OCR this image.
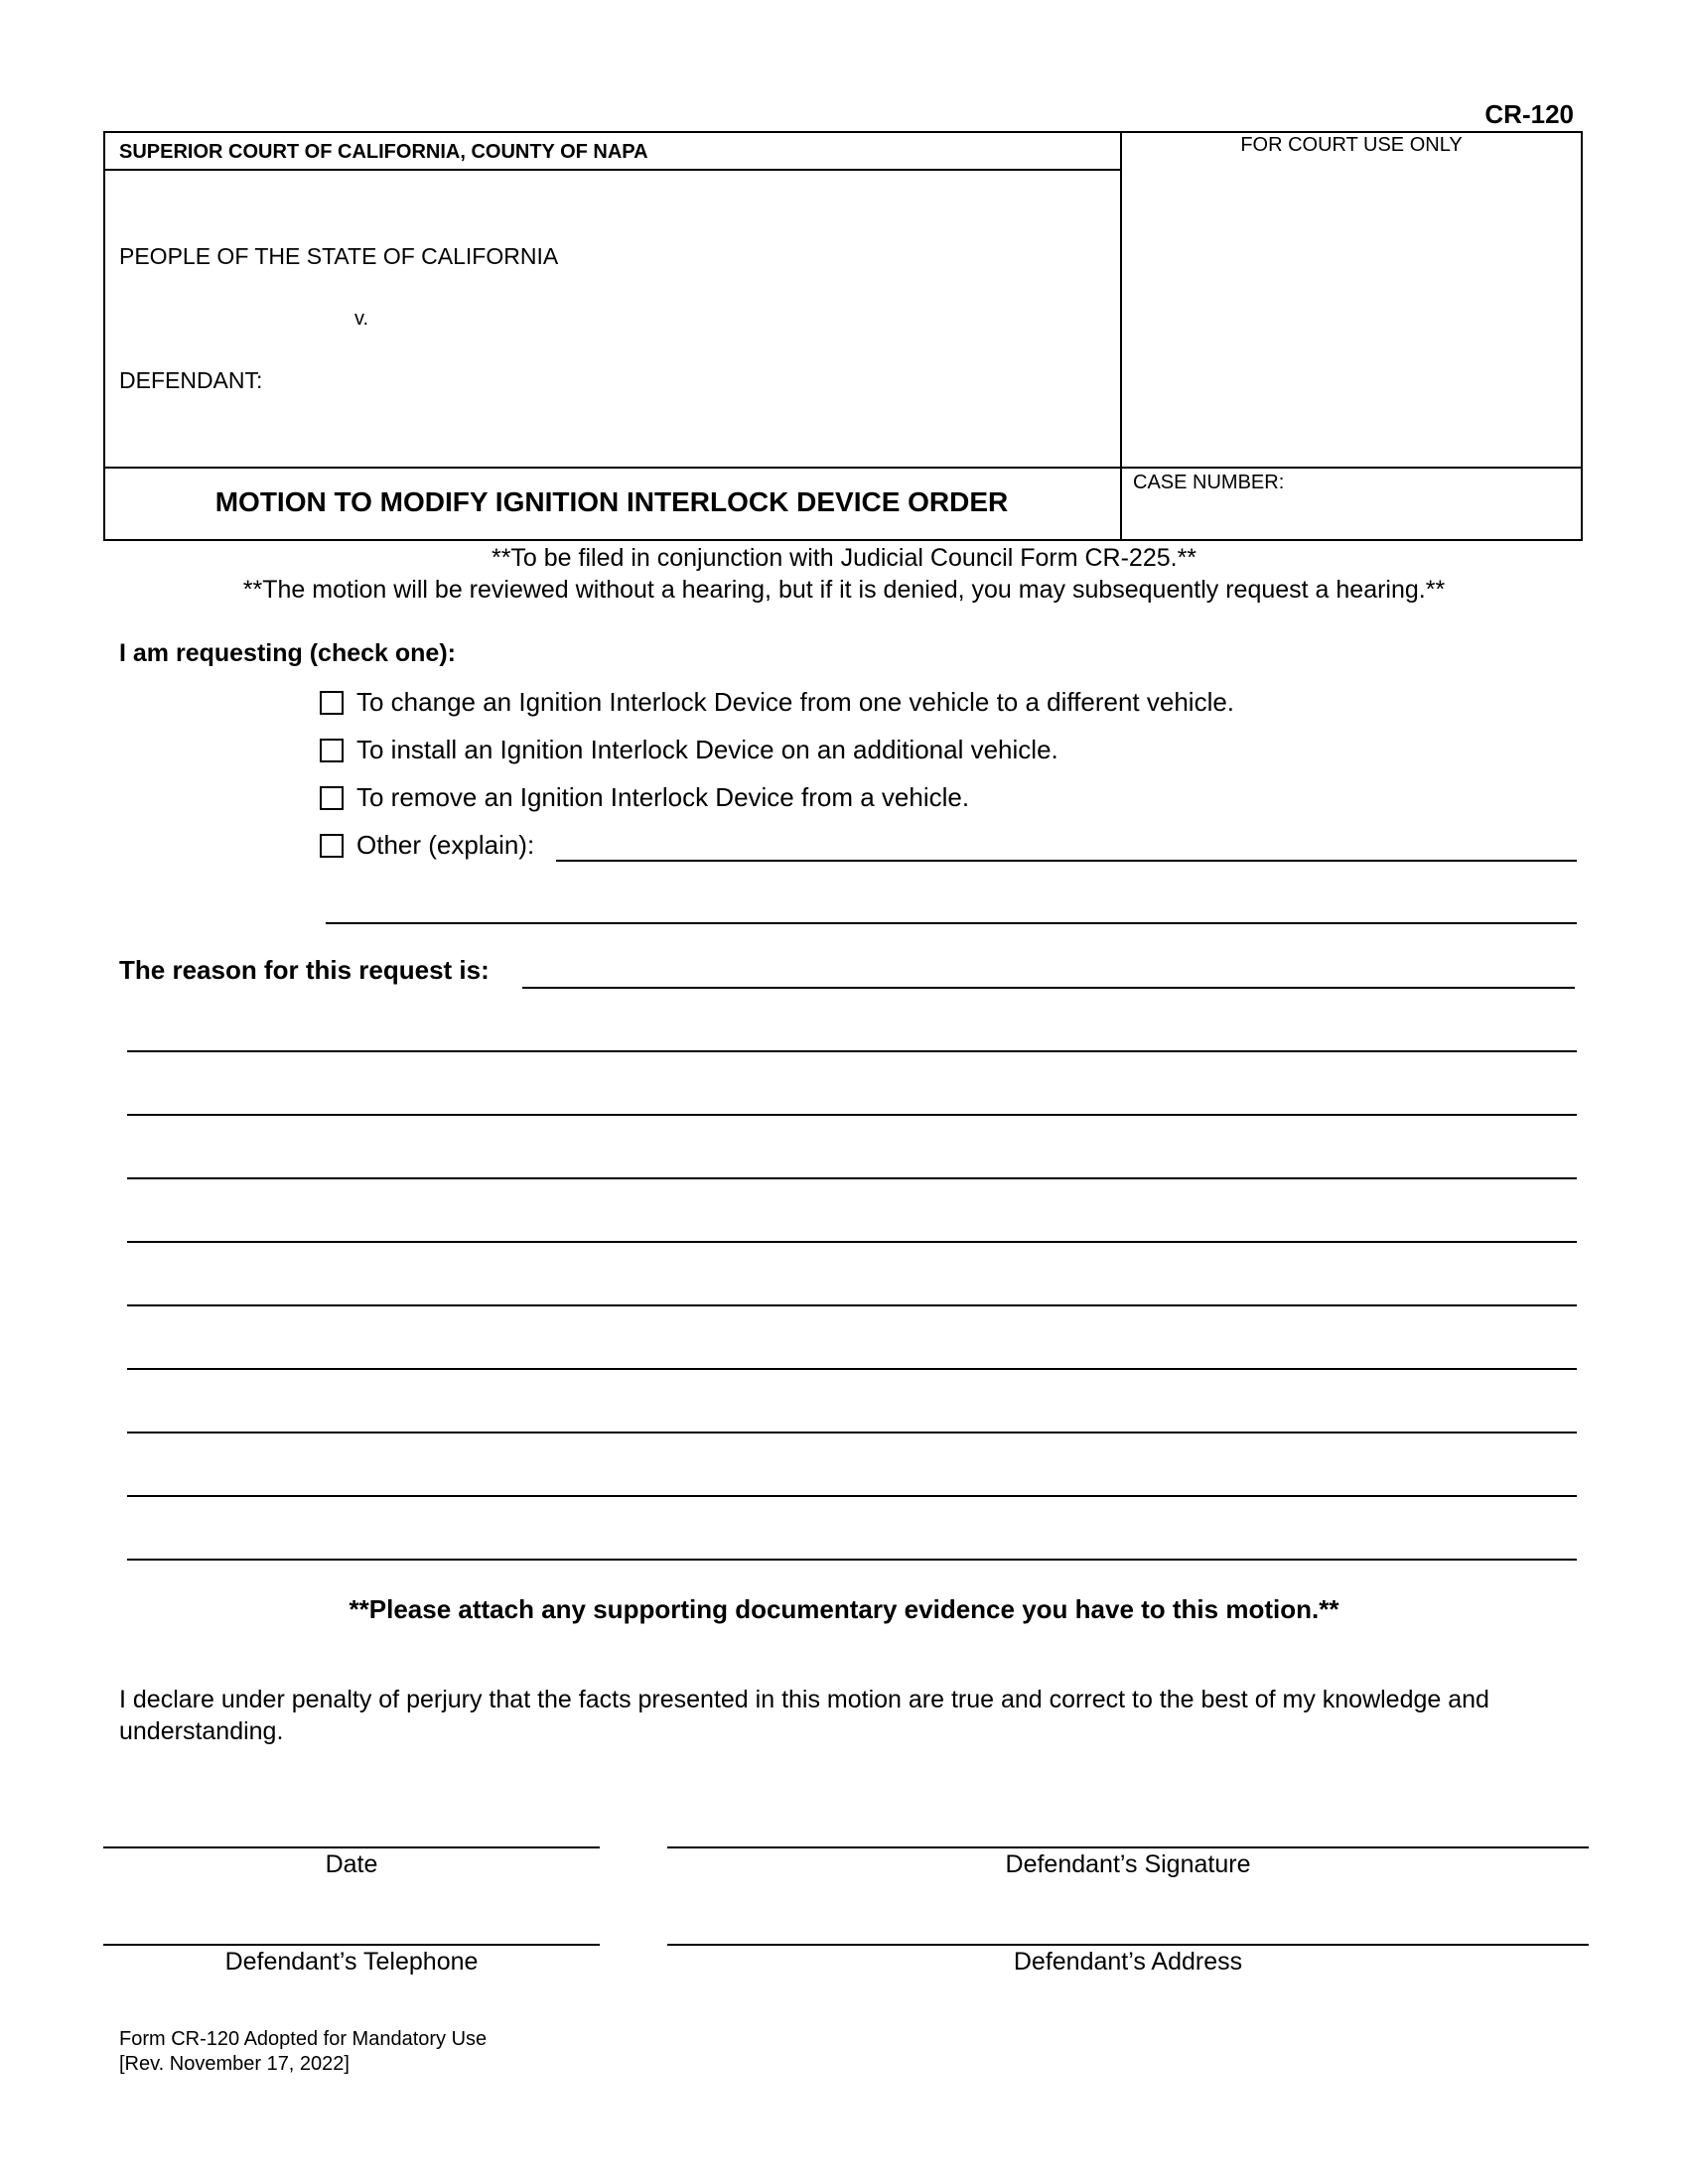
CR-120
SUPERIOR COURT OF CALIFORNIA, COUNTY OF NAPA	FOR COURT USE ONLY
PEOPLE OF THE STATE OF CALIFORNIA
v.
DEFENDANT:
MOTION TO MODIFY IGNITION INTERLOCK DEVICE ORDER
CASE NUMBER:
**To be filed in conjunction with Judicial Council Form CR-225.**
**The motion will be reviewed without a hearing, but if it is denied, you may subsequently request a hearing.**
I am requesting (check one):
To change an Ignition Interlock Device from one vehicle to a different vehicle.
To install an Ignition Interlock Device on an additional vehicle.
To remove an Ignition Interlock Device from a vehicle.
Other (explain):
The reason for this request is:
**Please attach any supporting documentary evidence you have to this motion.**
I declare under penalty of perjury that the facts presented in this motion are true and correct to the best of my knowledge and understanding.
Date	Defendant’s Signature
Defendant’s Telephone	Defendant’s Address
Form CR-120 Adopted for Mandatory Use
[Rev. November 17, 2022]
